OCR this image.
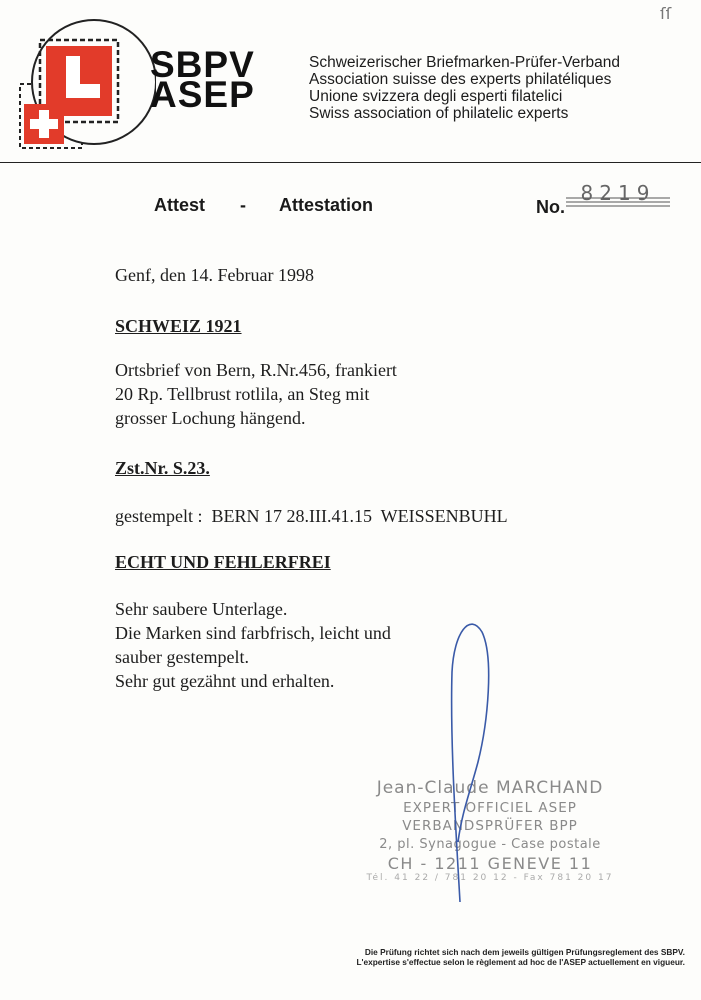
SBPV
ASEP
Schweizerischer Briefmarken-Prüfer-Verband
Association suisse des experts philatéliques
Unione svizzera degli esperti filatelici
Swiss association of philatelic experts
ſſ
Attest - Attestation	No.
8219
Genf, den 14. Februar 1998
SCHWEIZ 1921
Ortsbrief von Bern, R.Nr.456, frankiert
20 Rp. Tellbrust rotlila, an Steg mit
grosser Lochung hängend.
Zst.Nr. S.23.
gestempelt :  BERN 17 28.III.41.15  WEISSENBUHL
ECHT UND FEHLERFREI
Sehr saubere Unterlage.
Die Marken sind farbfrisch, leicht und
sauber gestempelt.
Sehr gut gezähnt und erhalten.
Jean-Claude MARCHAND
EXPERT OFFICIEL ASEP
VERBANDSPRÜFER BPP
2, pl. Synagogue - Case postale
CH - 1211 GENEVE 11
Tél. 41 22 / 781 20 12 - Fax 781 20 17
Die Prüfung richtet sich nach dem jeweils gültigen Prüfungsreglement des SBPV.
L'expertise s'effectue selon le règlement ad hoc de l'ASEP actuellement en vigueur.
